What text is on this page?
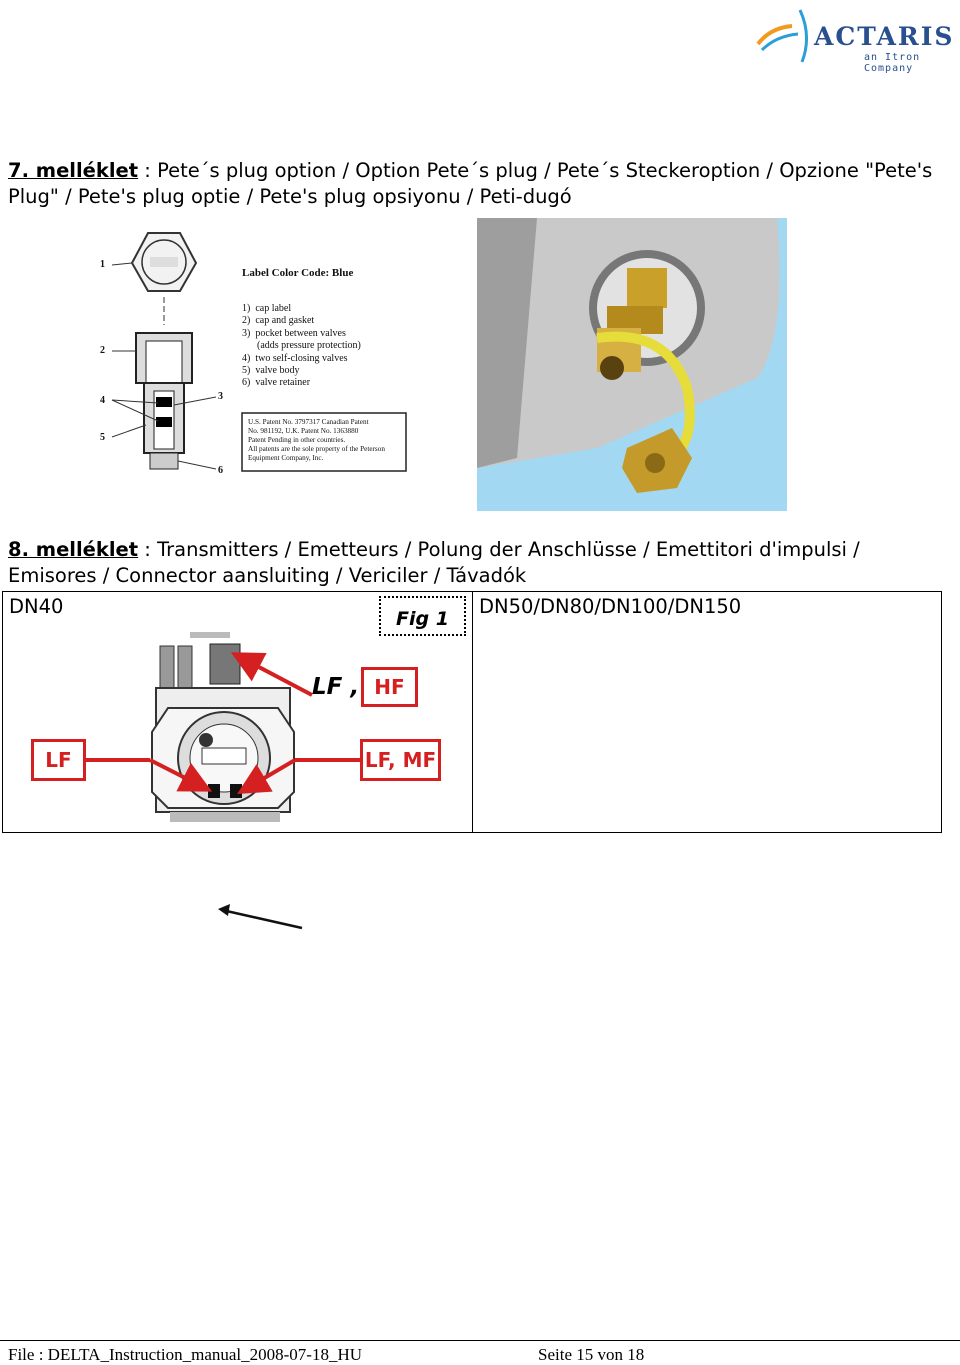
ACTARIS
an Itron Company
7. melléklet : Pete´s plug option / Option Pete´s plug / Pete´s Steckeroption / Opzione "Pete's Plug" / Pete's plug optie / Pete's plug opsiyonu / Peti-dugó
1
2
4	3
5
6
Label Color Code: Blue
1)  cap label
2)  cap and gasket
3)  pocket between valves
(adds pressure protection)
4)  two self-closing valves
5)  valve body
6)  valve retainer
U.S. Patent No. 3797317 Canadian Patent
No. 981192, U.K. Patent No. 1363880
Patent Pending in other countries.
All patents are the sole property of the Peterson
Equipment Company, Inc.
8. melléklet : Transmitters / Emetteurs / Polung der Anschlüsse / Emettitori d'impulsi / Emisores / Connector aansluiting / Vericiler / Távadók
DN40	DN50/DN80/DN100/DN150
Fig 1
LF , HF
LF	LF, MF
File : DELTA_Instruction_manual_2008-07-18_HU	Seite 15 von 18
